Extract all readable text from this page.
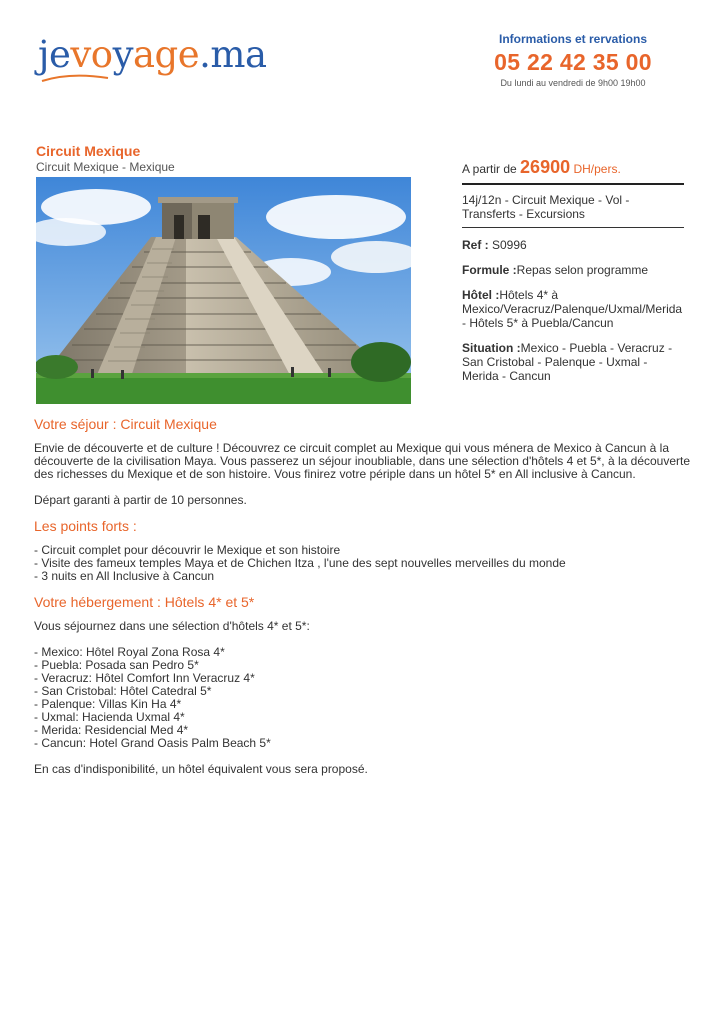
jevoyage.ma	Informations et rervations
05 22 42 35 00
Du lundi au vendredi de 9h00 19h00
Circuit Mexique
Circuit Mexique - Mexique	A partir de 26900 DH/pers.
14j/12n - Circuit Mexique - Vol - Transferts - Excursions
Ref : S0996
Formule :Repas selon programme
Hôtel :Hôtels 4* à Mexico/Veracruz/Palenque/Uxmal/Merida - Hôtels 5* à Puebla/Cancun
Situation :Mexico - Puebla - Veracruz - San Cristobal - Palenque - Uxmal - Merida - Cancun
Votre séjour : Circuit Mexique

Envie de découverte et de culture ! Découvrez ce circuit complet au Mexique qui vous ménera de Mexico à Cancun à la découverte de la civilisation Maya. Vous passerez un séjour inoubliable, dans une sélection d'hôtels 4 et 5*, à la découverte des richesses du Mexique et de son histoire. Vous finirez votre périple dans un hôtel 5* en All inclusive à Cancun.

Départ garanti à partir de 10 personnes.

Les points forts :
- Circuit complet pour découvrir le Mexique et son histoire
- Visite des fameux temples Maya et de Chichen Itza , l'une des sept nouvelles merveilles du monde
- 3 nuits en All Inclusive à Cancun
Votre hébergement : Hôtels 4* et 5*

Vous séjournez dans une sélection d'hôtels 4* et 5*:

- Mexico: Hôtel Royal Zona Rosa 4*
- Puebla: Posada san Pedro 5*
- Veracruz: Hôtel Comfort Inn Veracruz 4*
- San Cristobal: Hôtel Catedral 5*
- Palenque: Villas Kin Ha 4*
- Uxmal: Hacienda Uxmal 4*
- Merida: Residencial Med 4*
- Cancun: Hotel Grand Oasis Palm Beach 5*

En cas d'indisponibilité, un hôtel équivalent vous sera proposé.
